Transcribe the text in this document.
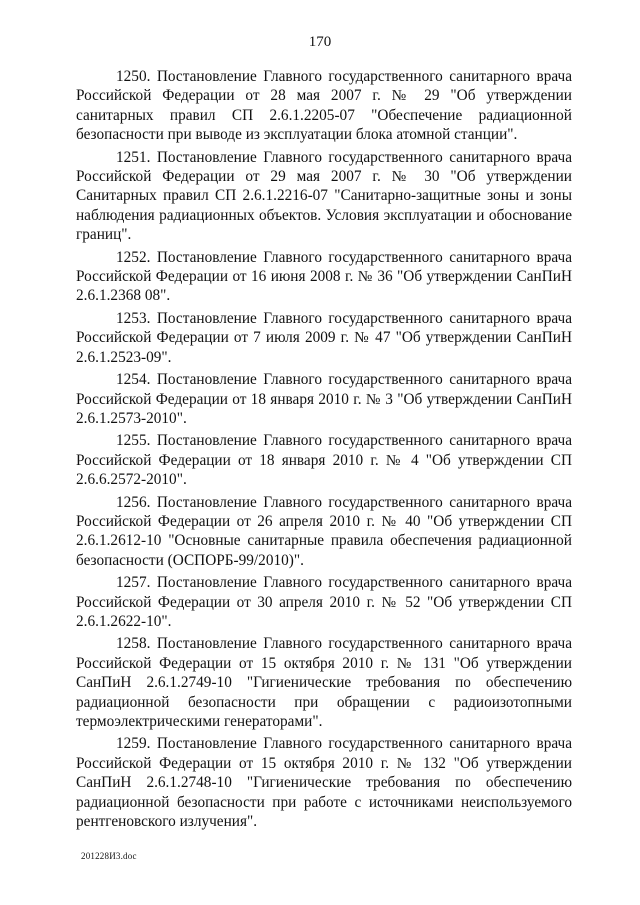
170

1250. Постановление Главного государственного санитарного врача Российской Федерации от 28 мая 2007 г. № 29 "Об утверждении санитарных правил СП 2.6.1.2205-07 "Обеспечение радиационной безопасности при выводе из эксплуатации блока атомной станции".

1251. Постановление Главного государственного санитарного врача Российской Федерации от 29 мая 2007 г. № 30 "Об утверждении Санитарных правил СП 2.6.1.2216-07 "Санитарно-защитные зоны и зоны наблюдения радиационных объектов. Условия эксплуатации и обоснование границ".

1252. Постановление Главного государственного санитарного врача Российской Федерации от 16 июня 2008 г. № 36 "Об утверждении СанПиН 2.6.1.2368 08".

1253. Постановление Главного государственного санитарного врача Российской Федерации от 7 июля 2009 г. № 47 "Об утверждении СанПиН 2.6.1.2523-09".

1254. Постановление Главного государственного санитарного врача Российской Федерации от 18 января 2010 г. № 3 "Об утверждении СанПиН 2.6.1.2573-2010".

1255. Постановление Главного государственного санитарного врача Российской Федерации от 18 января 2010 г. № 4 "Об утверждении СП 2.6.6.2572-2010".

1256. Постановление Главного государственного санитарного врача Российской Федерации от 26 апреля 2010 г. № 40 "Об утверждении СП 2.6.1.2612-10 "Основные санитарные правила обеспечения радиационной безопасности (ОСПОРБ-99/2010)".

1257. Постановление Главного государственного санитарного врача Российской Федерации от 30 апреля 2010 г. № 52 "Об утверждении СП 2.6.1.2622-10".

1258. Постановление Главного государственного санитарного врача Российской Федерации от 15 октября 2010 г. № 131 "Об утверждении СанПиН 2.6.1.2749-10 "Гигиенические требования по обеспечению радиационной безопасности при обращении с радиоизотопными термоэлектрическими генераторами".

1259. Постановление Главного государственного санитарного врача Российской Федерации от 15 октября 2010 г. № 132 "Об утверждении СанПиН 2.6.1.2748-10 "Гигиенические требования по обеспечению радиационной безопасности при работе с источниками неиспользуемого рентгеновского излучения".

201228И3.doc
